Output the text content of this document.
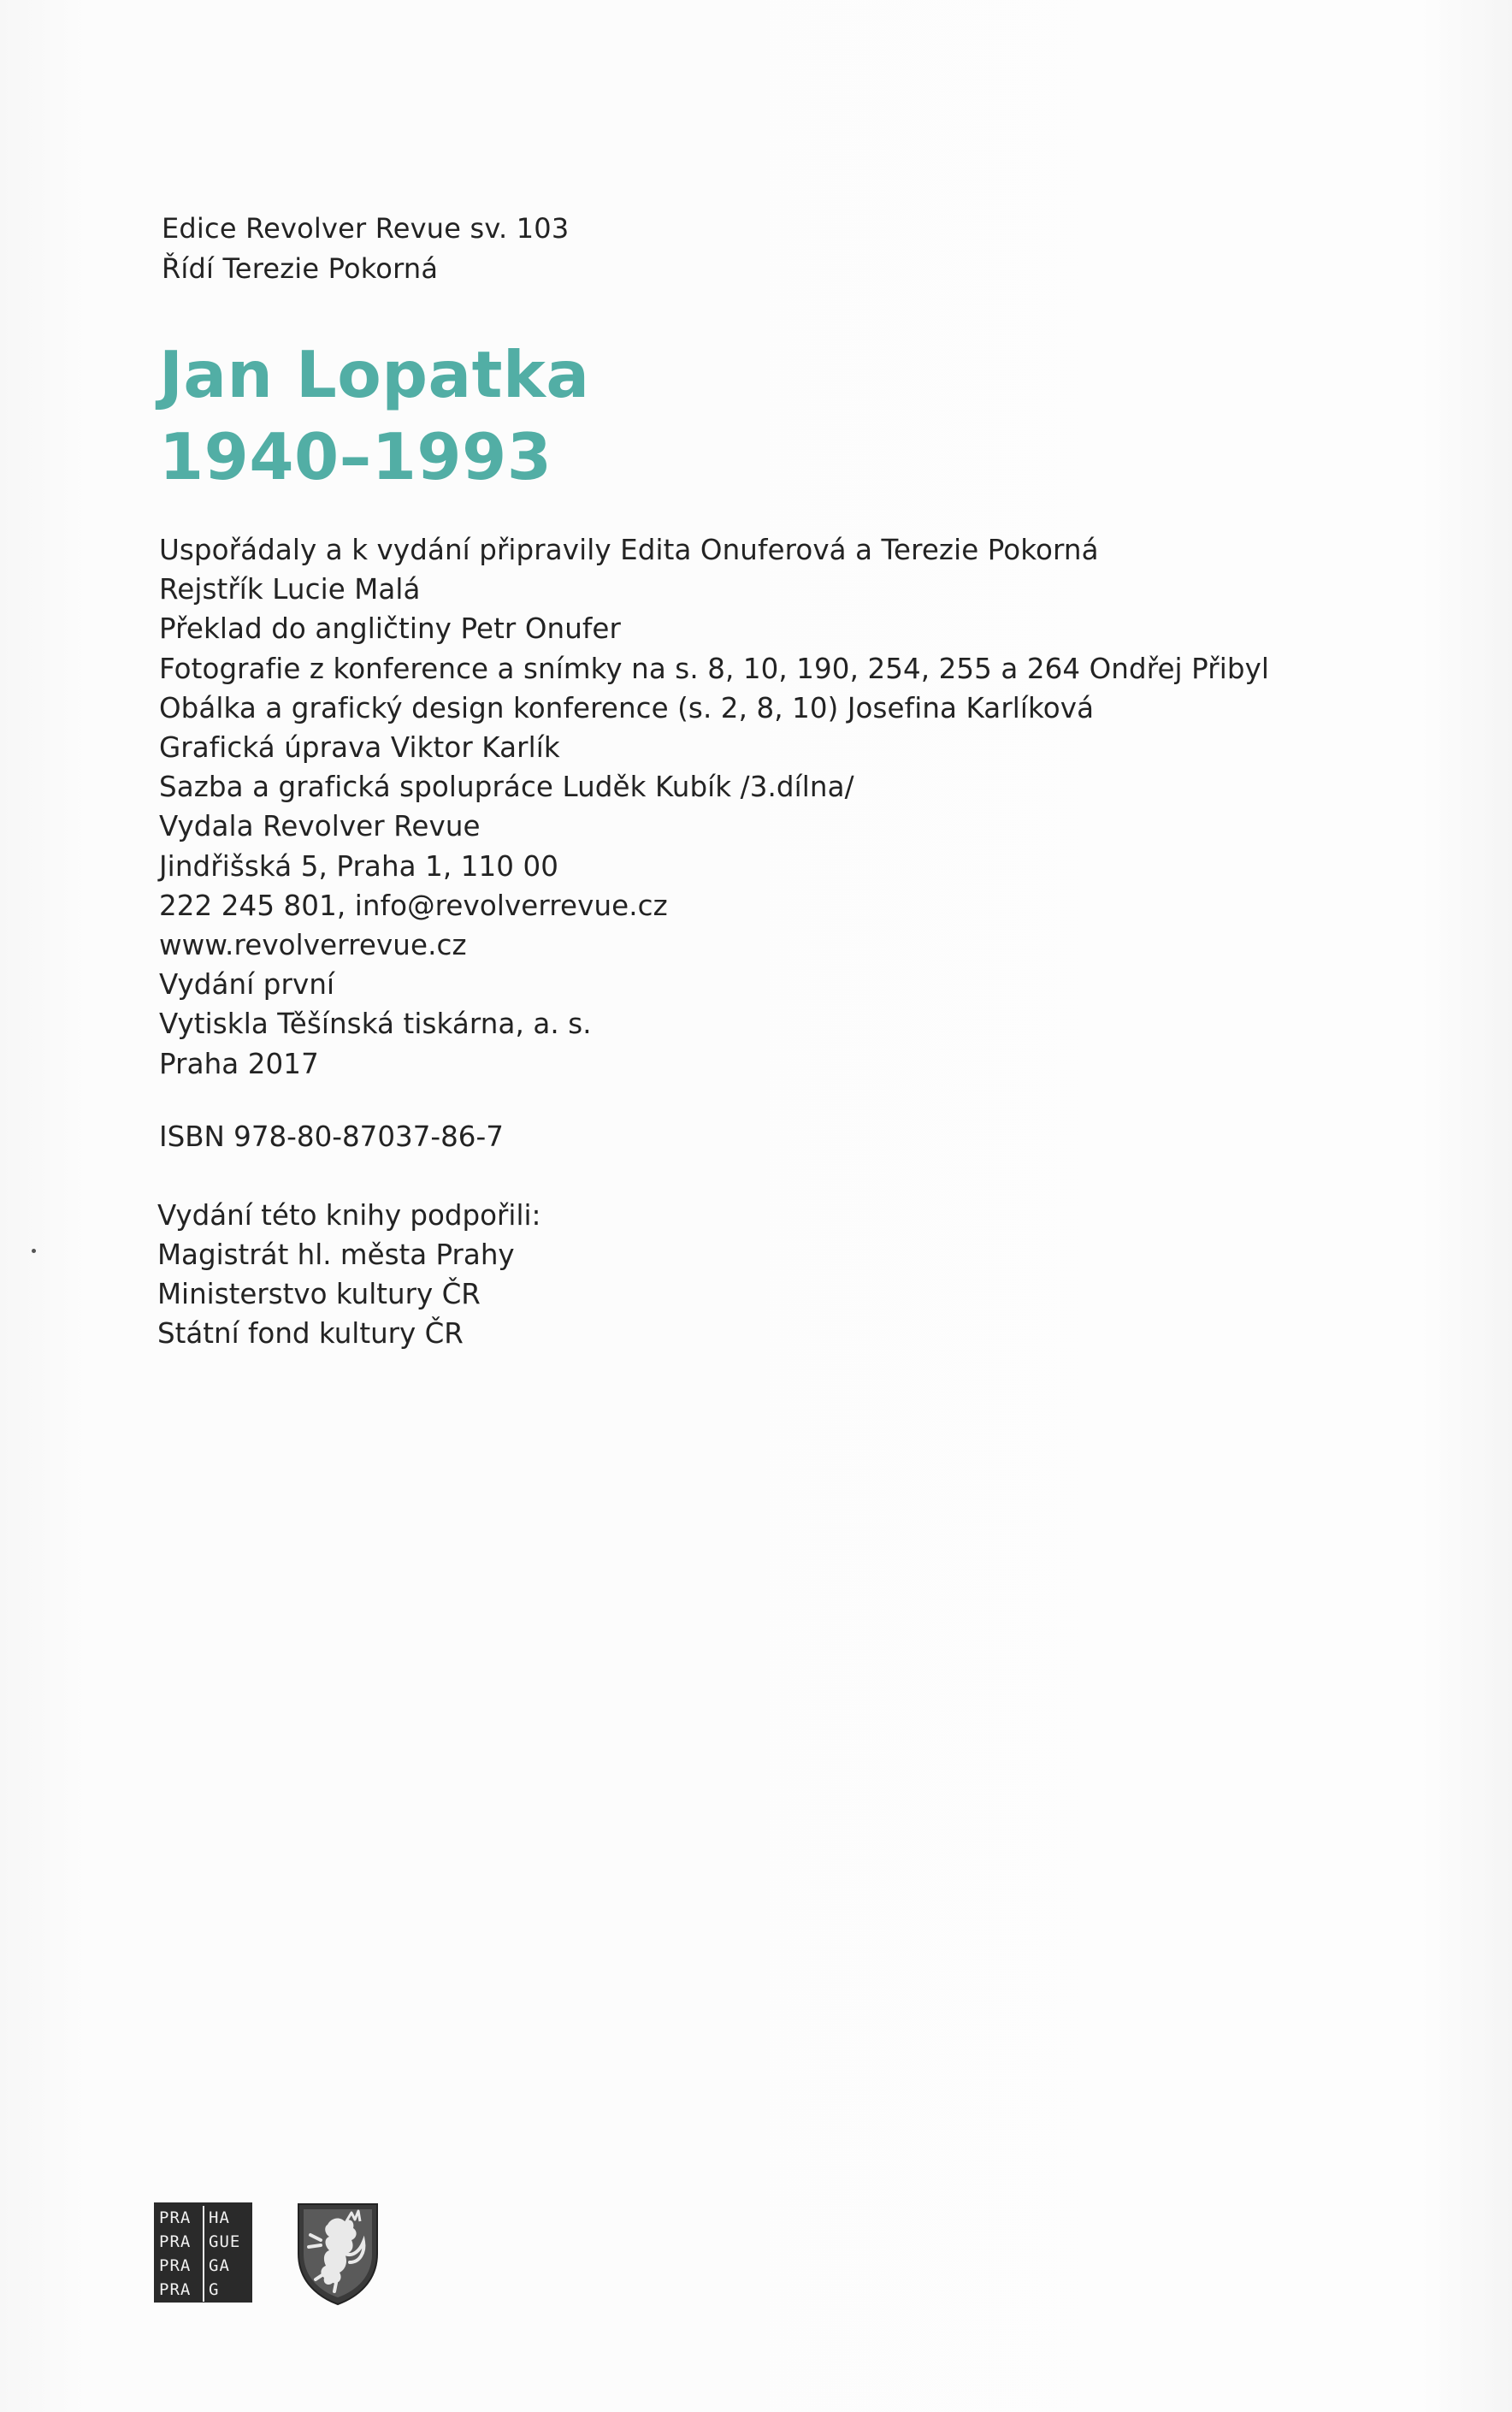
Edice Revolver Revue sv. 103
Řídí Terezie Pokorná
Jan Lopatka
1940–1993
Uspořádaly a k vydání připravily Edita Onuferová a Terezie Pokorná
Rejstřík Lucie Malá
Překlad do angličtiny Petr Onufer
Fotografie z konference a snímky na s. 8, 10, 190, 254, 255 a 264 Ondřej Přibyl
Obálka a grafický design konference (s. 2, 8, 10) Josefina Karlíková
Grafická úprava Viktor Karlík
Sazba a grafická spolupráce Luděk Kubík /3.dílna/
Vydala Revolver Revue
Jindřišská 5, Praha 1, 110 00
222 245 801, info@revolverrevue.cz
www.revolverrevue.cz
Vydání první
Vytiskla Těšínská tiskárna, a. s.
Praha 2017
ISBN 978-80-87037-86-7
Vydání této knihy podpořili:
Magistrát hl. města Prahy
Ministerstvo kultury ČR
Státní fond kultury ČR
PRA	HA
PRA	GUE
PRA	GA
PRA	G
